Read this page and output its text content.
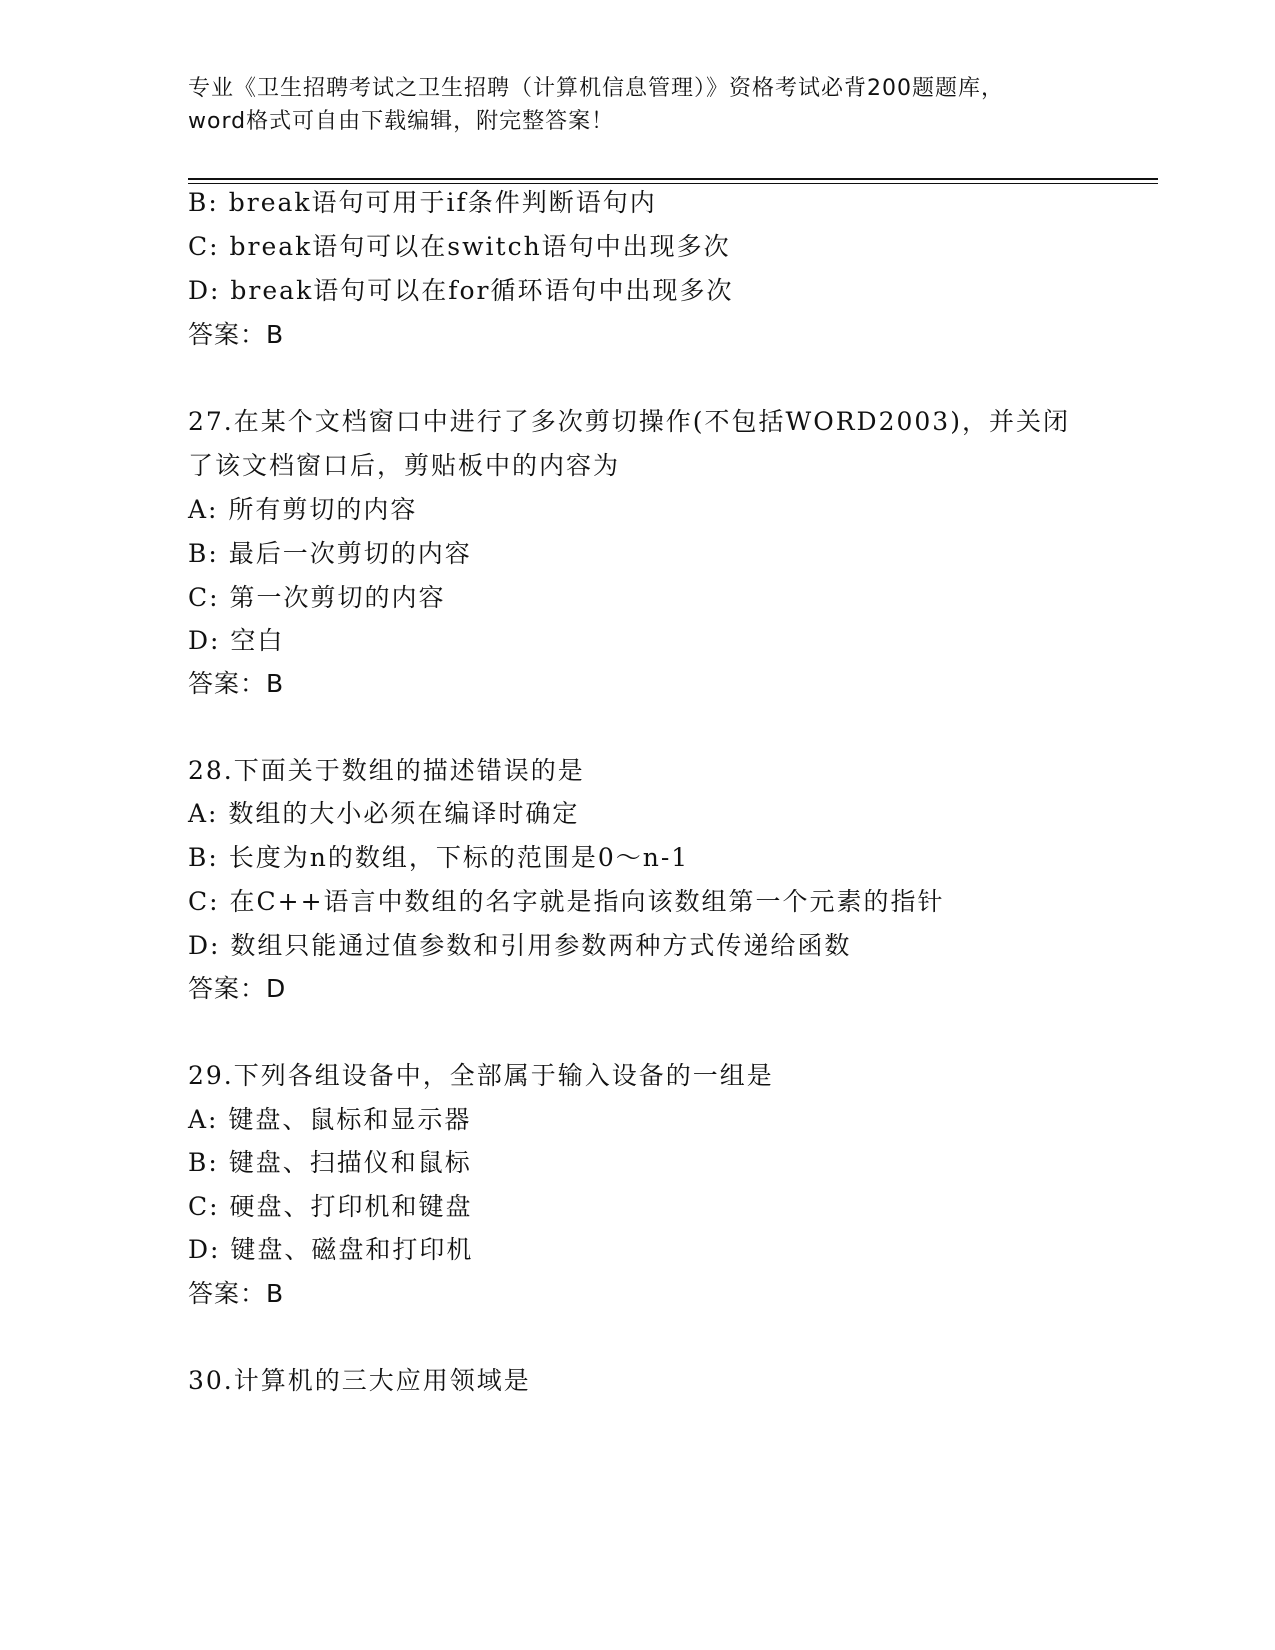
专业《卫生招聘考试之卫生招聘（计算机信息管理）》资格考试必背200题题库，
word格式可自由下载编辑，附完整答案！
B: break语句可用于if条件判断语句内
C: break语句可以在switch语句中出现多次
D: break语句可以在for循环语句中出现多次
答案：B
27.在某个文档窗口中进行了多次剪切操作(不包括WORD2003)，并关闭
了该文档窗口后，剪贴板中的内容为
A: 所有剪切的内容
B: 最后一次剪切的内容
C: 第一次剪切的内容
D: 空白
答案：B
28.下面关于数组的描述错误的是
A: 数组的大小必须在编译时确定
B: 长度为n的数组，下标的范围是0～n-1
C: 在C++语言中数组的名字就是指向该数组第一个元素的指针
D: 数组只能通过值参数和引用参数两种方式传递给函数
答案：D
29.下列各组设备中，全部属于输入设备的一组是
A: 键盘、鼠标和显示器
B: 键盘、扫描仪和鼠标
C: 硬盘、打印机和键盘
D: 键盘、磁盘和打印机
答案：B
30.计算机的三大应用领域是
